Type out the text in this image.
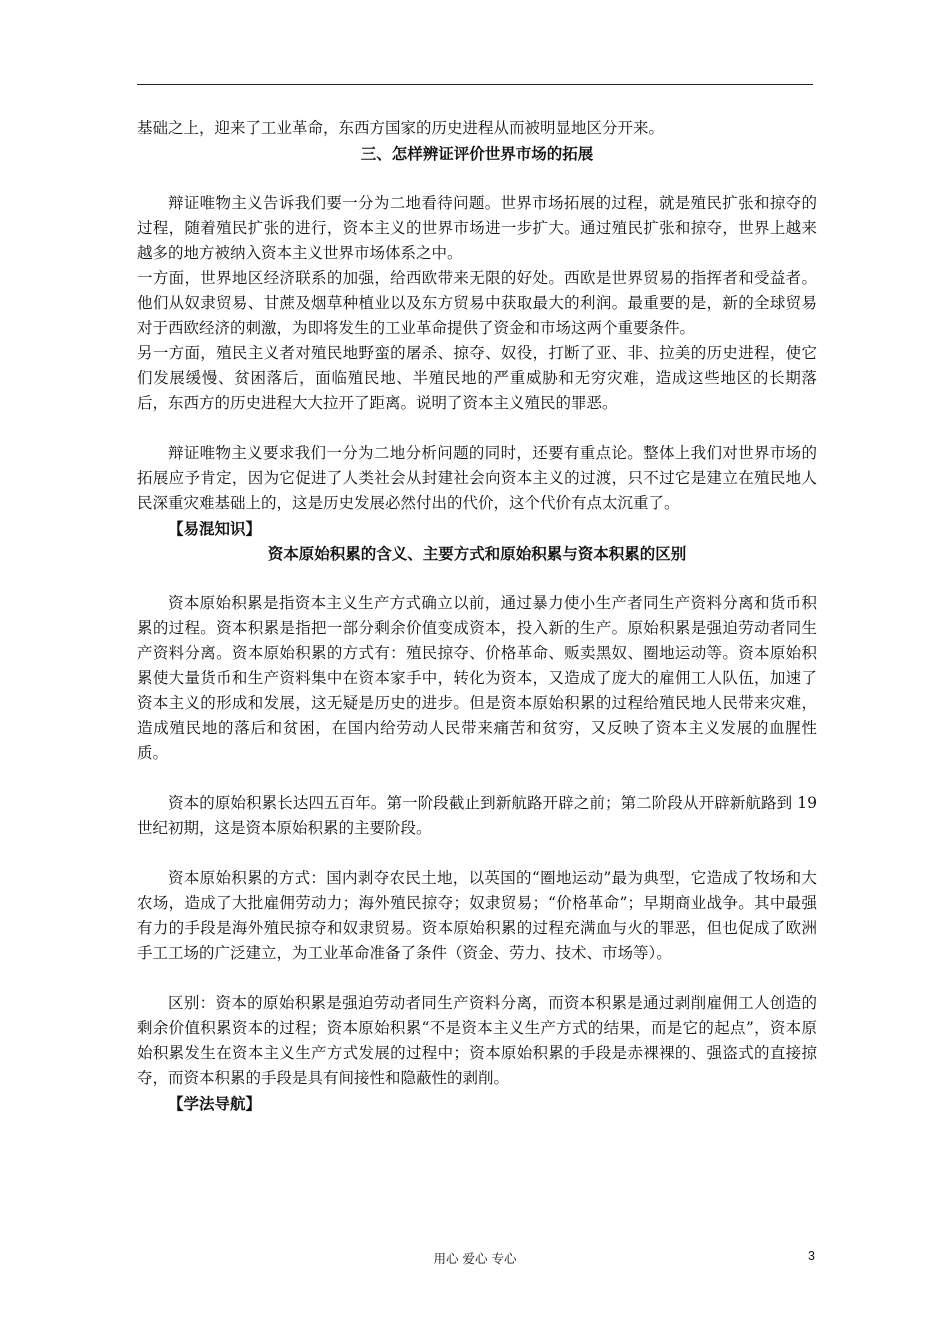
基础之上，迎来了工业革命，东西方国家的历史进程从而被明显地区分开来。

三、怎样辨证评价世界市场的拓展

辩证唯物主义告诉我们要一分为二地看待问题。世界市场拓展的过程，就是殖民扩张和掠夺的过程，随着殖民扩张的进行，资本主义的世界市场进一步扩大。通过殖民扩张和掠夺，世界上越来越多的地方被纳入资本主义世界市场体系之中。

一方面，世界地区经济联系的加强，给西欧带来无限的好处。西欧是世界贸易的指挥者和受益者。他们从奴隶贸易、甘蔗及烟草种植业以及东方贸易中获取最大的利润。最重要的是，新的全球贸易对于西欧经济的刺激，为即将发生的工业革命提供了资金和市场这两个重要条件。

另一方面，殖民主义者对殖民地野蛮的屠杀、掠夺、奴役，打断了亚、非、拉美的历史进程，使它们发展缓慢、贫困落后，面临殖民地、半殖民地的严重威胁和无穷灾难，造成这些地区的长期落后，东西方的历史进程大大拉开了距离。说明了资本主义殖民的罪恶。

辩证唯物主义要求我们一分为二地分析问题的同时，还要有重点论。整体上我们对世界市场的拓展应予肯定，因为它促进了人类社会从封建社会向资本主义的过渡，只不过它是建立在殖民地人民深重灾难基础上的，这是历史发展必然付出的代价，这个代价有点太沉重了。

【易混知识】

资本原始积累的含义、主要方式和原始积累与资本积累的区别

资本原始积累是指资本主义生产方式确立以前，通过暴力使小生产者同生产资料分离和货币积累的过程。资本积累是指把一部分剩余价值变成资本，投入新的生产。原始积累是强迫劳动者同生产资料分离。资本原始积累的方式有：殖民掠夺、价格革命、贩卖黑奴、圈地运动等。资本原始积累使大量货币和生产资料集中在资本家手中，转化为资本，又造成了庞大的雇佣工人队伍，加速了资本主义的形成和发展，这无疑是历史的进步。但是资本原始积累的过程给殖民地人民带来灾难，造成殖民地的落后和贫困，在国内给劳动人民带来痛苦和贫穷，又反映了资本主义发展的血腥性质。

资本的原始积累长达四五百年。第一阶段截止到新航路开辟之前；第二阶段从开辟新航路到 19 世纪初期，这是资本原始积累的主要阶段。

资本原始积累的方式：国内剥夺农民土地，以英国的“圈地运动”最为典型，它造成了牧场和大农场，造成了大批雇佣劳动力；海外殖民掠夺；奴隶贸易；“价格革命”；早期商业战争。其中最强有力的手段是海外殖民掠夺和奴隶贸易。资本原始积累的过程充满血与火的罪恶，但也促成了欧洲手工工场的广泛建立，为工业革命准备了条件（资金、劳力、技术、市场等）。

区别：资本的原始积累是强迫劳动者同生产资料分离，而资本积累是通过剥削雇佣工人创造的剩余价值积累资本的过程；资本原始积累“不是资本主义生产方式的结果，而是它的起点”，资本原始积累发生在资本主义生产方式发展的过程中；资本原始积累的手段是赤裸裸的、强盗式的直接掠夺，而资本积累的手段是具有间接性和隐蔽性的剥削。

【学法导航】

用心 爱心 专心	3
